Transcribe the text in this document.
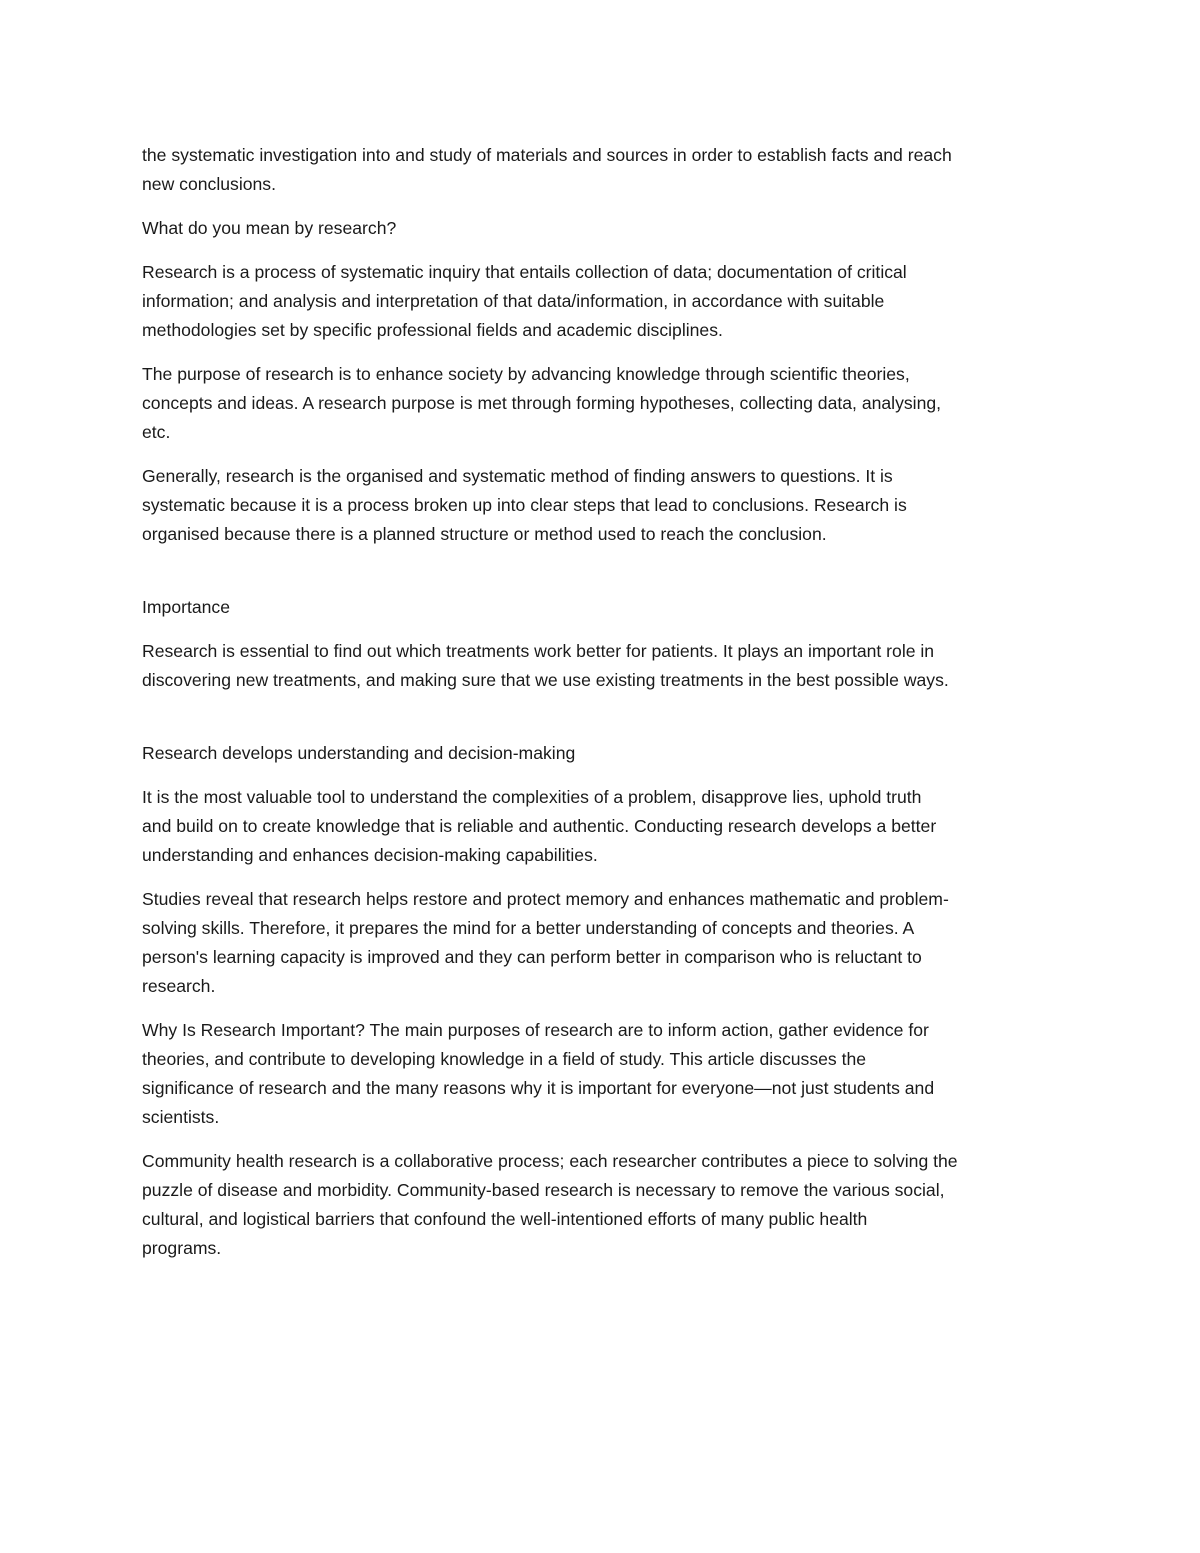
the systematic investigation into and study of materials and sources in order to establish facts and reach
new conclusions.

What do you mean by research?

Research is a process of systematic inquiry that entails collection of data; documentation of critical
information; and analysis and interpretation of that data/information, in accordance with suitable
methodologies set by specific professional fields and academic disciplines.

The purpose of research is to enhance society by advancing knowledge through scientific theories,
concepts and ideas. A research purpose is met through forming hypotheses, collecting data, analysing,
etc.

Generally, research is the organised and systematic method of finding answers to questions. It is
systematic because it is a process broken up into clear steps that lead to conclusions. Research is
organised because there is a planned structure or method used to reach the conclusion.

Importance

Research is essential to find out which treatments work better for patients. It plays an important role in
discovering new treatments, and making sure that we use existing treatments in the best possible ways.

Research develops understanding and decision-making

It is the most valuable tool to understand the complexities of a problem, disapprove lies, uphold truth
and build on to create knowledge that is reliable and authentic. Conducting research develops a better
understanding and enhances decision-making capabilities.

Studies reveal that research helps restore and protect memory and enhances mathematic and problem-
solving skills. Therefore, it prepares the mind for a better understanding of concepts and theories. A
person's learning capacity is improved and they can perform better in comparison who is reluctant to
research.

Why Is Research Important? The main purposes of research are to inform action, gather evidence for
theories, and contribute to developing knowledge in a field of study. This article discusses the
significance of research and the many reasons why it is important for everyone—not just students and
scientists.

Community health research is a collaborative process; each researcher contributes a piece to solving the
puzzle of disease and morbidity. Community-based research is necessary to remove the various social,
cultural, and logistical barriers that confound the well-intentioned efforts of many public health
programs.
